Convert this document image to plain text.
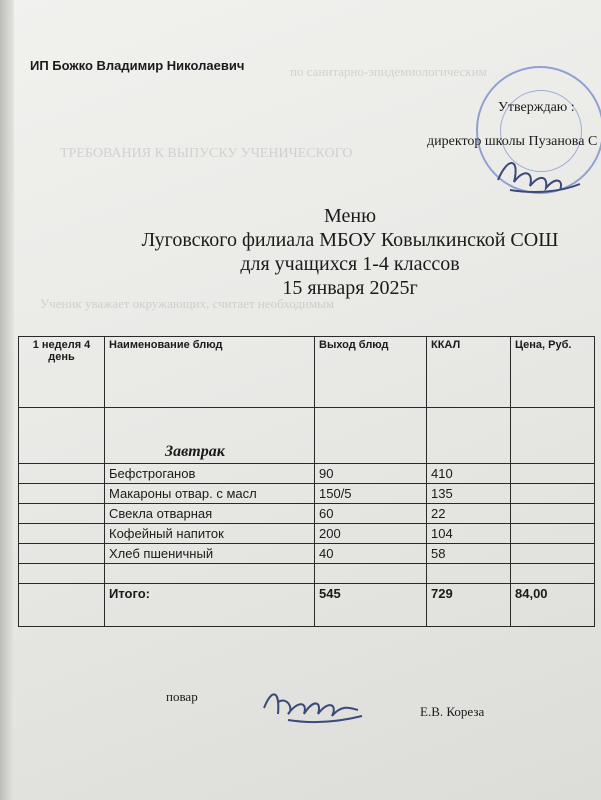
по санитарно-эпидемиологическим
ТРЕБОВАНИЯ К ВЫПУСКУ УЧЕНИЧЕСКОГО
Ученик уважает окружающих, считает необходимым
ИП Божко Владимир Николаевич
Утверждаю :
директор школы Пузанова С
Меню
Луговского филиала МБОУ Ковылкинской СОШ
для учащихся 1-4 классов
15 января 2025г
1 неделя 4 день	Наименование блюд	Выход блюд	ККАЛ	Цена, Руб.
	Завтрак			
	Бефстроганов	90	410	
	Макароны отвар. с масл	150/5	135	
	Свекла отварная	60	22	
	Кофейный напиток	200	104	
	Хлеб пшеничный	40	58	

	Итого:	545	729	84,00
повар
Е.В. Кореза
